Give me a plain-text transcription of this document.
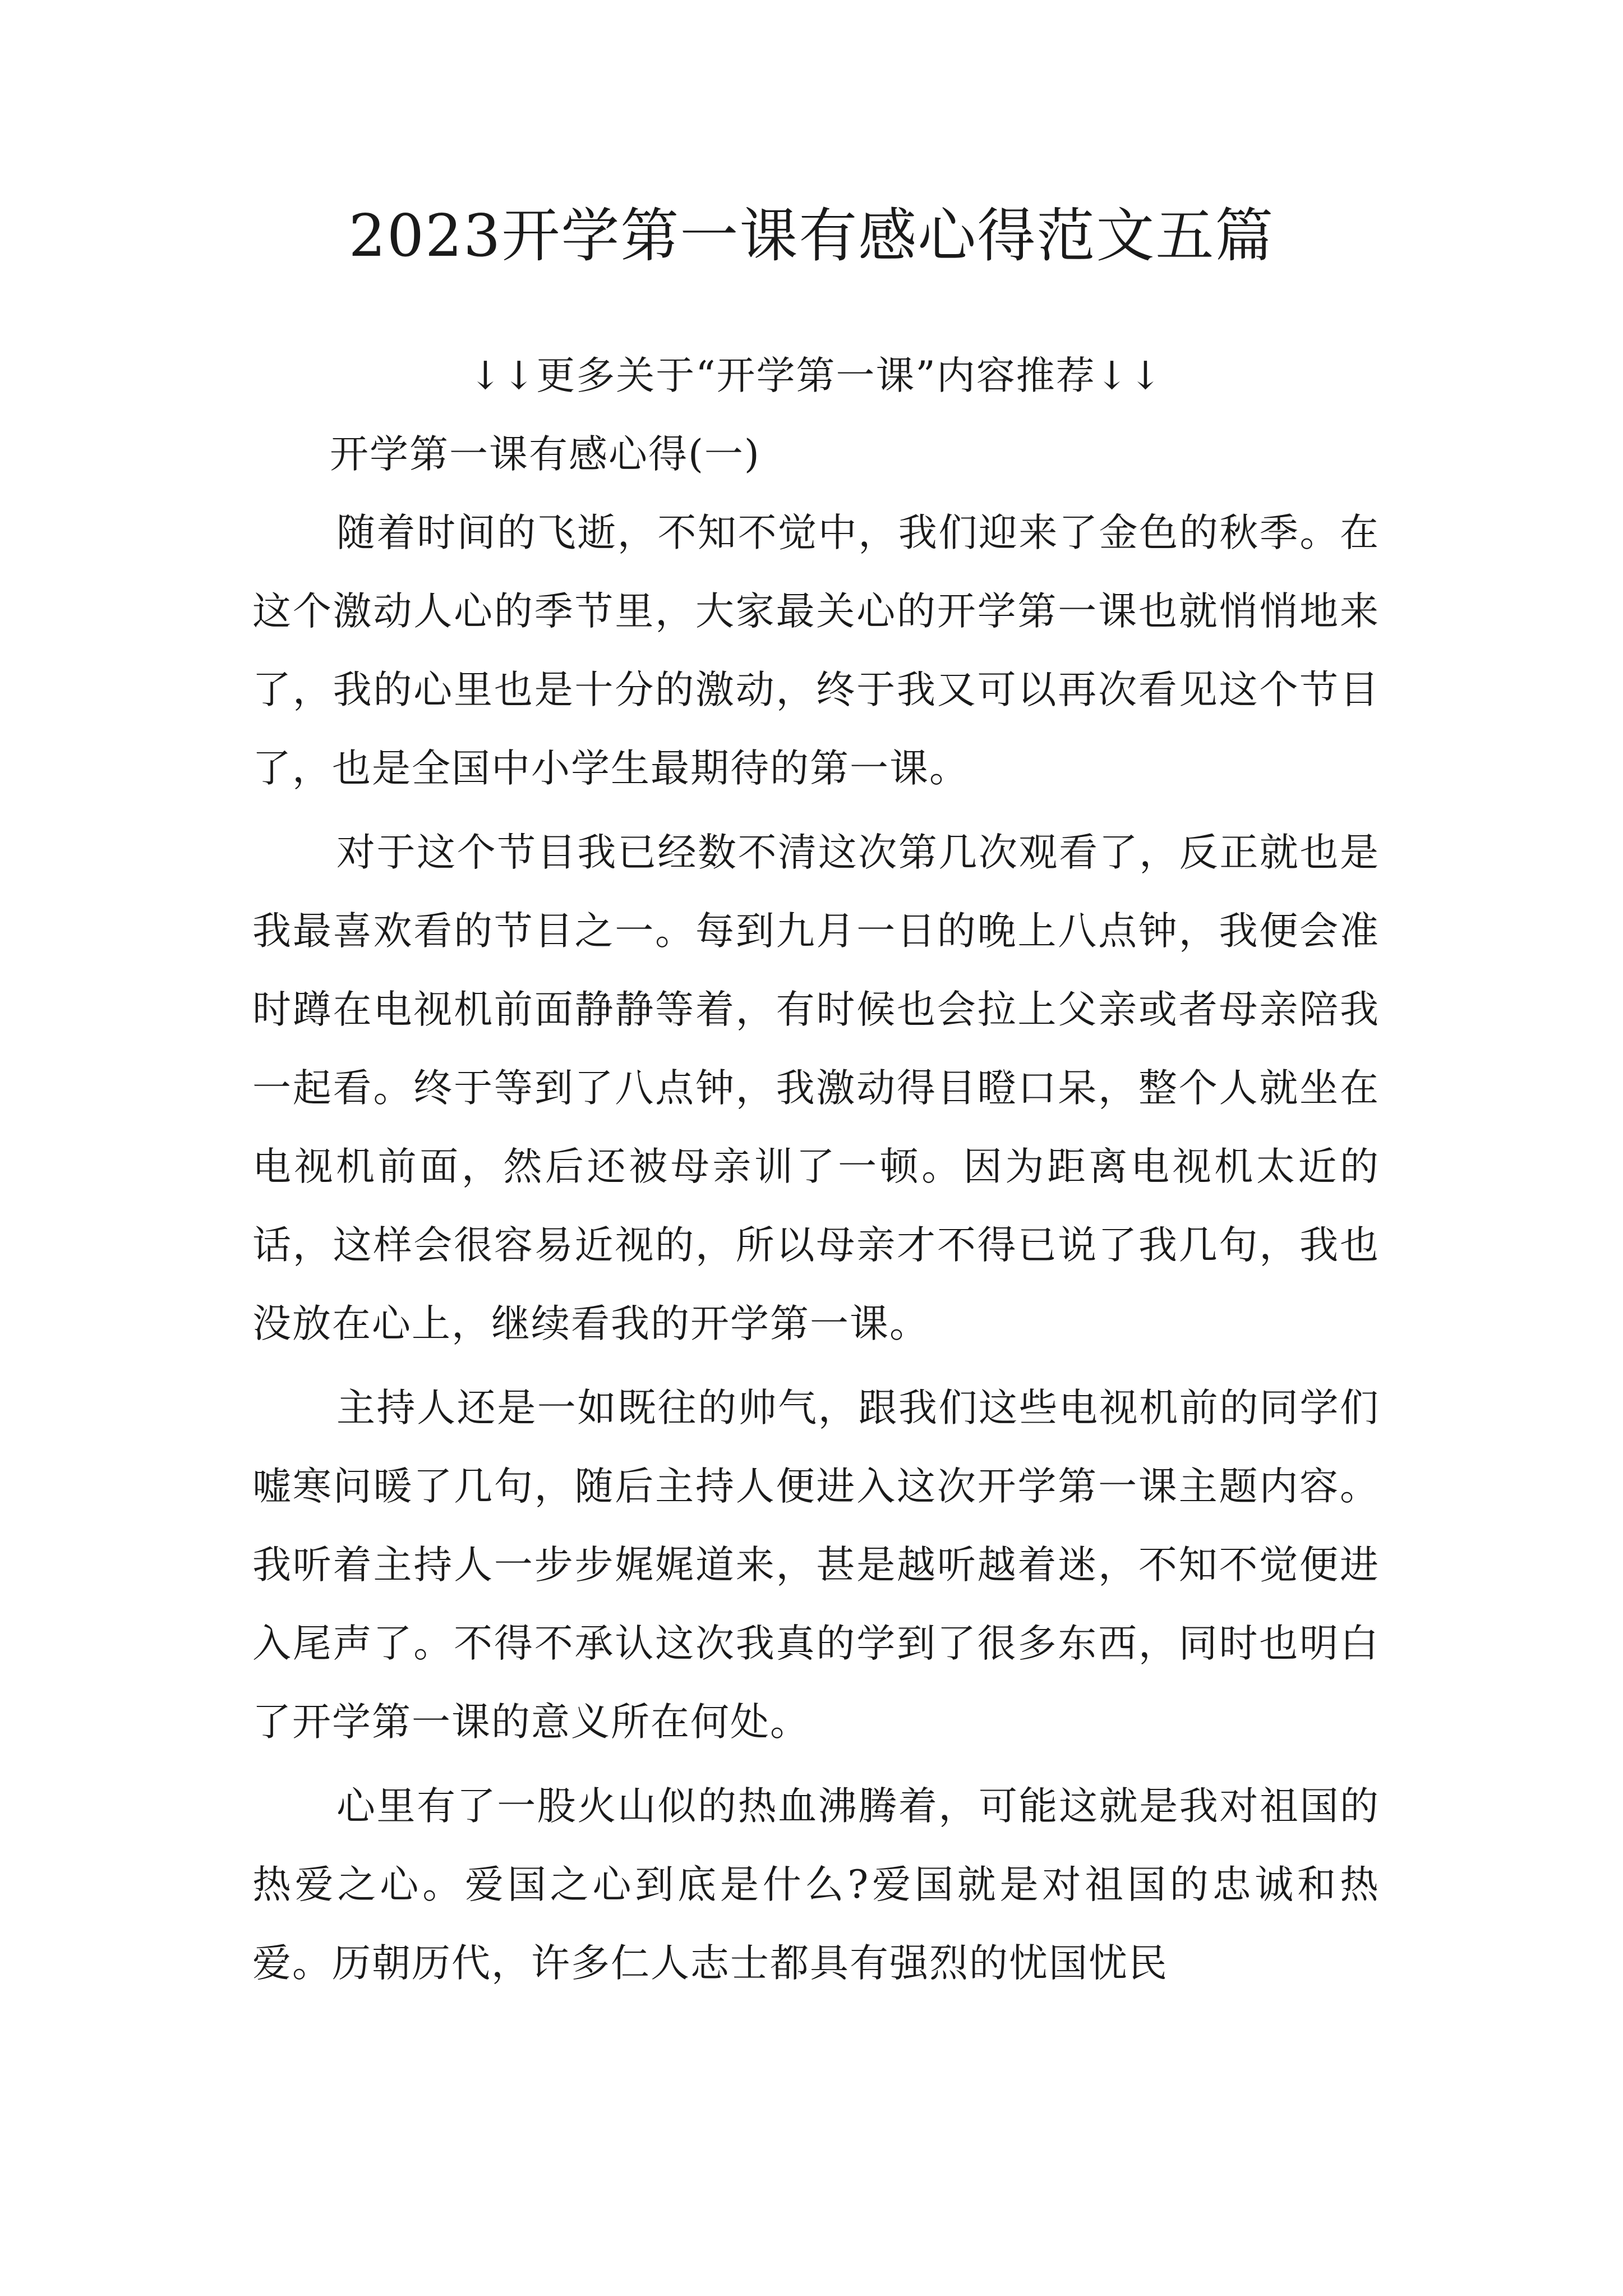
2023开学第一课有感心得范文五篇

↓↓更多关于“开学第一课”内容推荐↓↓

开学第一课有感心得(一)

随着时间的飞逝，不知不觉中，我们迎来了金色的秋季。在这个激动人心的季节里，大家最关心的开学第一课也就悄悄地来了，我的心里也是十分的激动，终于我又可以再次看见这个节目了，也是全国中小学生最期待的第一课。

对于这个节目我已经数不清这次第几次观看了，反正就也是我最喜欢看的节目之一。每到九月一日的晚上八点钟，我便会准时蹲在电视机前面静静等着，有时候也会拉上父亲或者母亲陪我一起看。终于等到了八点钟，我激动得目瞪口呆，整个人就坐在电视机前面，然后还被母亲训了一顿。因为距离电视机太近的话，这样会很容易近视的，所以母亲才不得已说了我几句，我也没放在心上，继续看我的开学第一课。

主持人还是一如既往的帅气，跟我们这些电视机前的同学们嘘寒问暖了几句，随后主持人便进入这次开学第一课主题内容。我听着主持人一步步娓娓道来，甚是越听越着迷，不知不觉便进入尾声了。不得不承认这次我真的学到了很多东西，同时也明白了开学第一课的意义所在何处。

心里有了一股火山似的热血沸腾着，可能这就是我对祖国的热爱之心。爱国之心到底是什么?爱国就是对祖国的忠诚和热爱。历朝历代，许多仁人志士都具有强烈的忧国忧民
